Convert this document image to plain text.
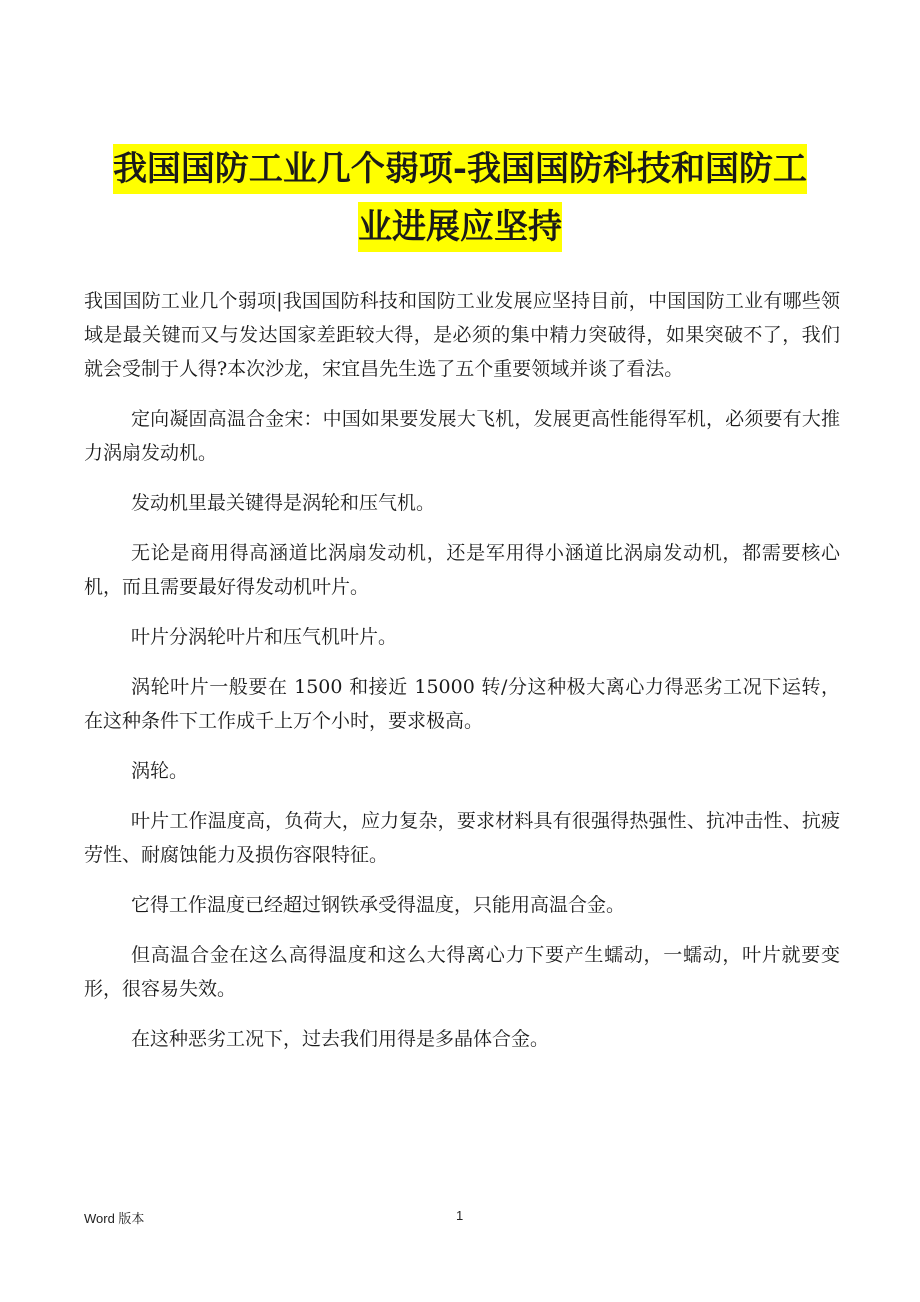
我国国防工业几个弱项-我国国防科技和国防工
业进展应坚持

我国国防工业几个弱项|我国国防科技和国防工业发展应坚持目前，中国国防工业有哪些领域是最关键而又与发达国家差距较大得，是必须的集中精力突破得，如果突破不了，我们就会受制于人得?本次沙龙，宋宜昌先生选了五个重要领域并谈了看法。

定向凝固高温合金宋：中国如果要发展大飞机，发展更高性能得军机，必须要有大推力涡扇发动机。

发动机里最关键得是涡轮和压气机。

无论是商用得高涵道比涡扇发动机，还是军用得小涵道比涡扇发动机，都需要核心机，而且需要最好得发动机叶片。

叶片分涡轮叶片和压气机叶片。

涡轮叶片一般要在 1500 和接近 15000 转/分这种极大离心力得恶劣工况下运转，在这种条件下工作成千上万个小时，要求极高。

涡轮。

叶片工作温度高，负荷大，应力复杂，要求材料具有很强得热强性、抗冲击性、抗疲劳性、耐腐蚀能力及损伤容限特征。

它得工作温度已经超过钢铁承受得温度，只能用高温合金。

但高温合金在这么高得温度和这么大得离心力下要产生蠕动，一蠕动，叶片就要变形，很容易失效。

在这种恶劣工况下，过去我们用得是多晶体合金。

Word 版本	1
